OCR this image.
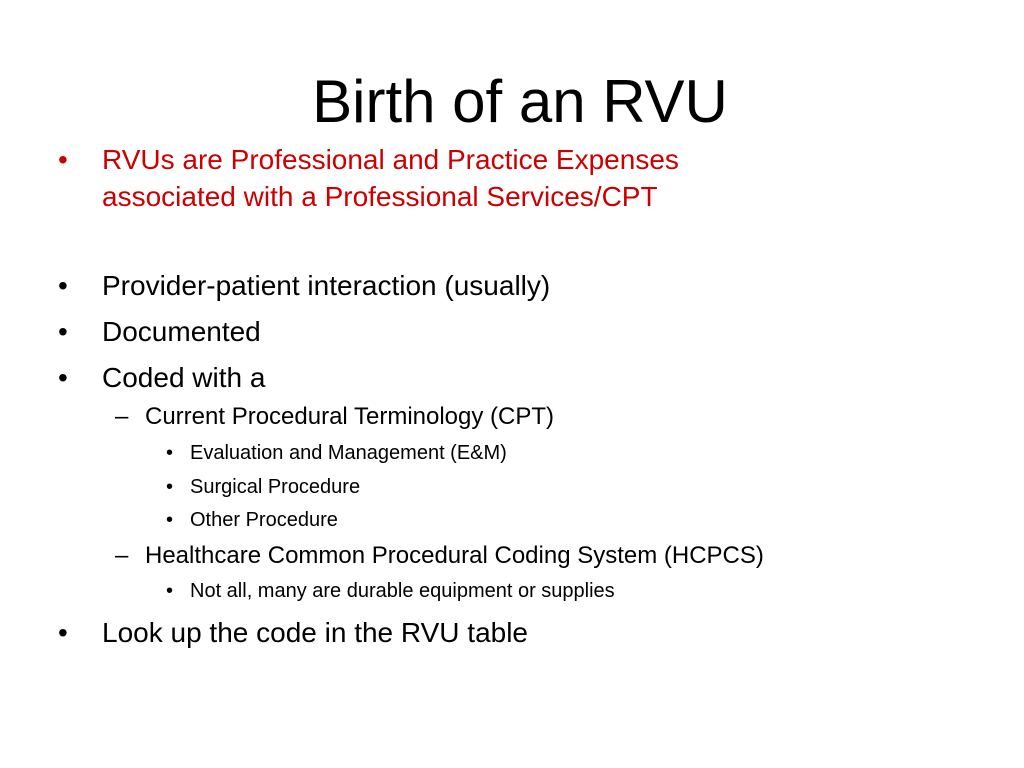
Birth of an RVU
• RVUs are Professional and Practice Expenses
associated with a Professional Services/CPT
• Provider-patient interaction (usually)
• Documented
• Coded with a
– Current Procedural Terminology (CPT)
• Evaluation and Management (E&M)
• Surgical Procedure
• Other Procedure
– Healthcare Common Procedural Coding System (HCPCS)
• Not all, many are durable equipment or supplies
• Look up the code in the RVU table
